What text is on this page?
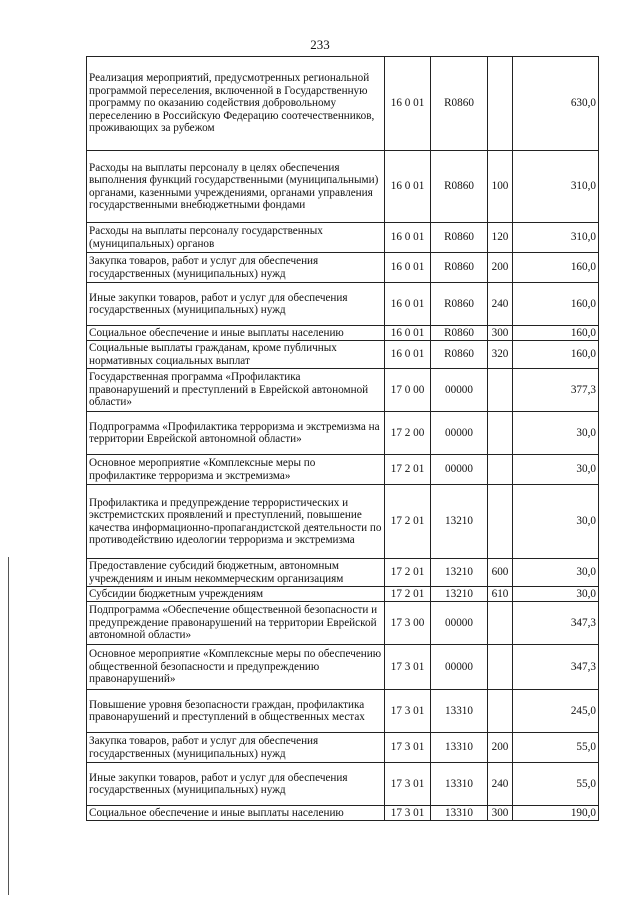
233
Реализация мероприятий, предусмотренных региональной программой переселения, включенной в Государственную программу по оказанию содействия добровольному переселению в Российскую Федерацию соотечественников, проживающих за рубежом	16 0 01	R0860		630,0
Расходы на выплаты персоналу в целях обеспечения выполнения функций государственными (муниципальными) органами, казенными учреждениями, органами управления государственными внебюджетными фондами	16 0 01	R0860	100	310,0
Расходы на выплаты персоналу государственных (муниципальных) органов	16 0 01	R0860	120	310,0
Закупка товаров, работ и услуг для обеспечения государственных (муниципальных) нужд	16 0 01	R0860	200	160,0
Иные закупки товаров, работ и услуг для обеспечения государственных (муниципальных) нужд	16 0 01	R0860	240	160,0
Социальное обеспечение и иные выплаты населению	16 0 01	R0860	300	160,0
Социальные выплаты гражданам, кроме публичных нормативных социальных выплат	16 0 01	R0860	320	160,0
Государственная программа «Профилактика правонарушений и преступлений в Еврейской автономной области»	17 0 00	00000		377,3
Подпрограмма «Профилактика терроризма и экстремизма на территории Еврейской автономной области»	17 2 00	00000		30,0
Основное мероприятие «Комплексные меры по профилактике терроризма и экстремизма»	17 2 01	00000		30,0
Профилактика и предупреждение террористических и экстремистских проявлений и преступлений, повышение качества информационно-пропагандистской деятельности по противодействию идеологии терроризма и экстремизма	17 2 01	13210		30,0
Предоставление субсидий бюджетным, автономным учреждениям и иным некоммерческим организациям	17 2 01	13210	600	30,0
Субсидии бюджетным учреждениям	17 2 01	13210	610	30,0
Подпрограмма «Обеспечение общественной безопасности и предупреждение правонарушений на территории Еврейской автономной области»	17 3 00	00000		347,3
Основное мероприятие «Комплексные меры по обеспечению общественной безопасности и предупреждению правонарушений»	17 3 01	00000		347,3
Повышение уровня безопасности граждан, профилактика правонарушений и преступлений в общественных местах	17 3 01	13310		245,0
Закупка товаров, работ и услуг для обеспечения государственных (муниципальных) нужд	17 3 01	13310	200	55,0
Иные закупки товаров, работ и услуг для обеспечения государственных (муниципальных) нужд	17 3 01	13310	240	55,0
Социальное обеспечение и иные выплаты населению	17 3 01	13310	300	190,0
